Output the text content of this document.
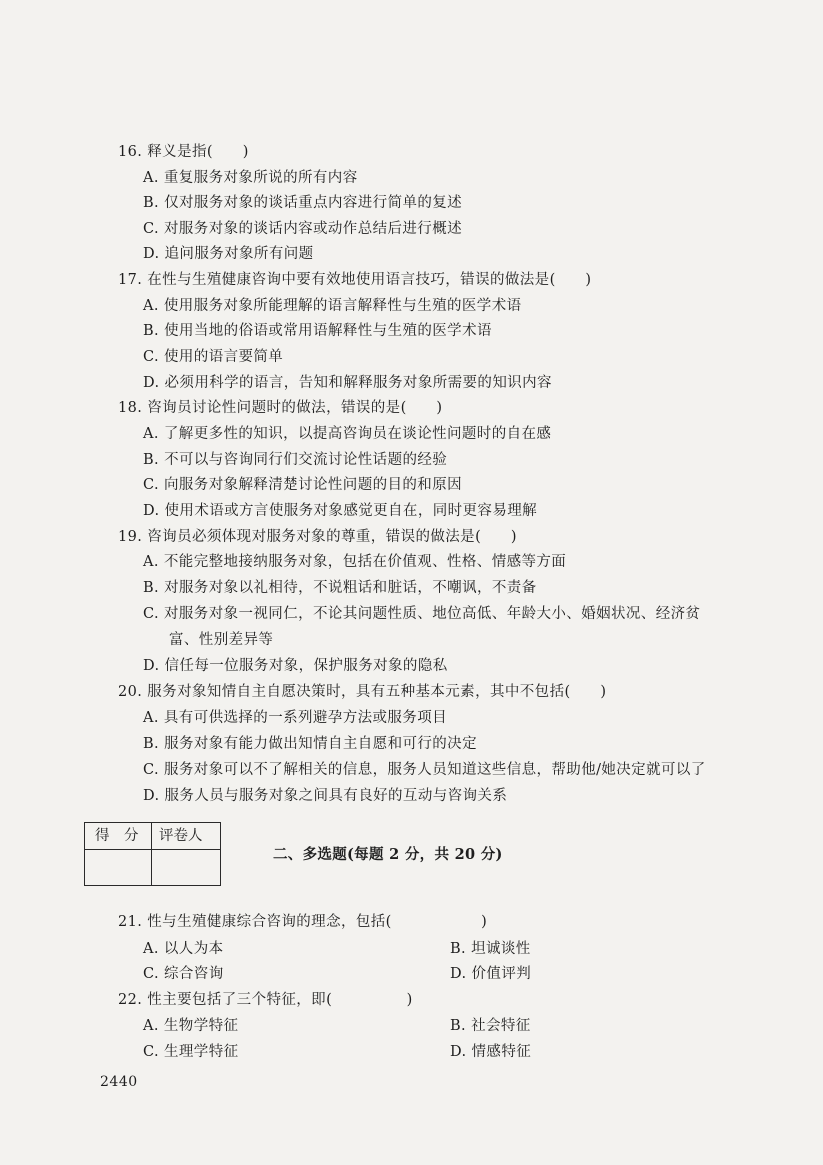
16. 释义是指(　　)
A. 重复服务对象所说的所有内容
B. 仅对服务对象的谈话重点内容进行简单的复述
C. 对服务对象的谈话内容或动作总结后进行概述
D. 追问服务对象所有问题
17. 在性与生殖健康咨询中要有效地使用语言技巧，错误的做法是(　　)
A. 使用服务对象所能理解的语言解释性与生殖的医学术语
B. 使用当地的俗语或常用语解释性与生殖的医学术语
C. 使用的语言要简单
D. 必须用科学的语言，告知和解释服务对象所需要的知识内容
18. 咨询员讨论性问题时的做法，错误的是(　　)
A. 了解更多性的知识，以提高咨询员在谈论性问题时的自在感
B. 不可以与咨询同行们交流讨论性话题的经验
C. 向服务对象解释清楚讨论性问题的目的和原因
D. 使用术语或方言使服务对象感觉更自在，同时更容易理解
19. 咨询员必须体现对服务对象的尊重，错误的做法是(　　)
A. 不能完整地接纳服务对象，包括在价值观、性格、情感等方面
B. 对服务对象以礼相待，不说粗话和脏话，不嘲讽，不责备
C. 对服务对象一视同仁，不论其问题性质、地位高低、年龄大小、婚姻状况、经济贫
富、性别差异等
D. 信任每一位服务对象，保护服务对象的隐私
20. 服务对象知情自主自愿决策时，具有五种基本元素，其中不包括(　　)
A. 具有可供选择的一系列避孕方法或服务项目
B. 服务对象有能力做出知情自主自愿和可行的决定
C. 服务对象可以不了解相关的信息，服务人员知道这些信息，帮助他/她决定就可以了
D. 服务人员与服务对象之间具有良好的互动与咨询关系
得　分 评卷人
二、多选题(每题 2 分，共 20 分)
21. 性与生殖健康综合咨询的理念，包括(　　　　　　)
A. 以人为本	B. 坦诚谈性
C. 综合咨询	D. 价值评判
22. 性主要包括了三个特征，即(　　　　　)
A. 生物学特征	B. 社会特征
C. 生理学特征	D. 情感特征
2440
